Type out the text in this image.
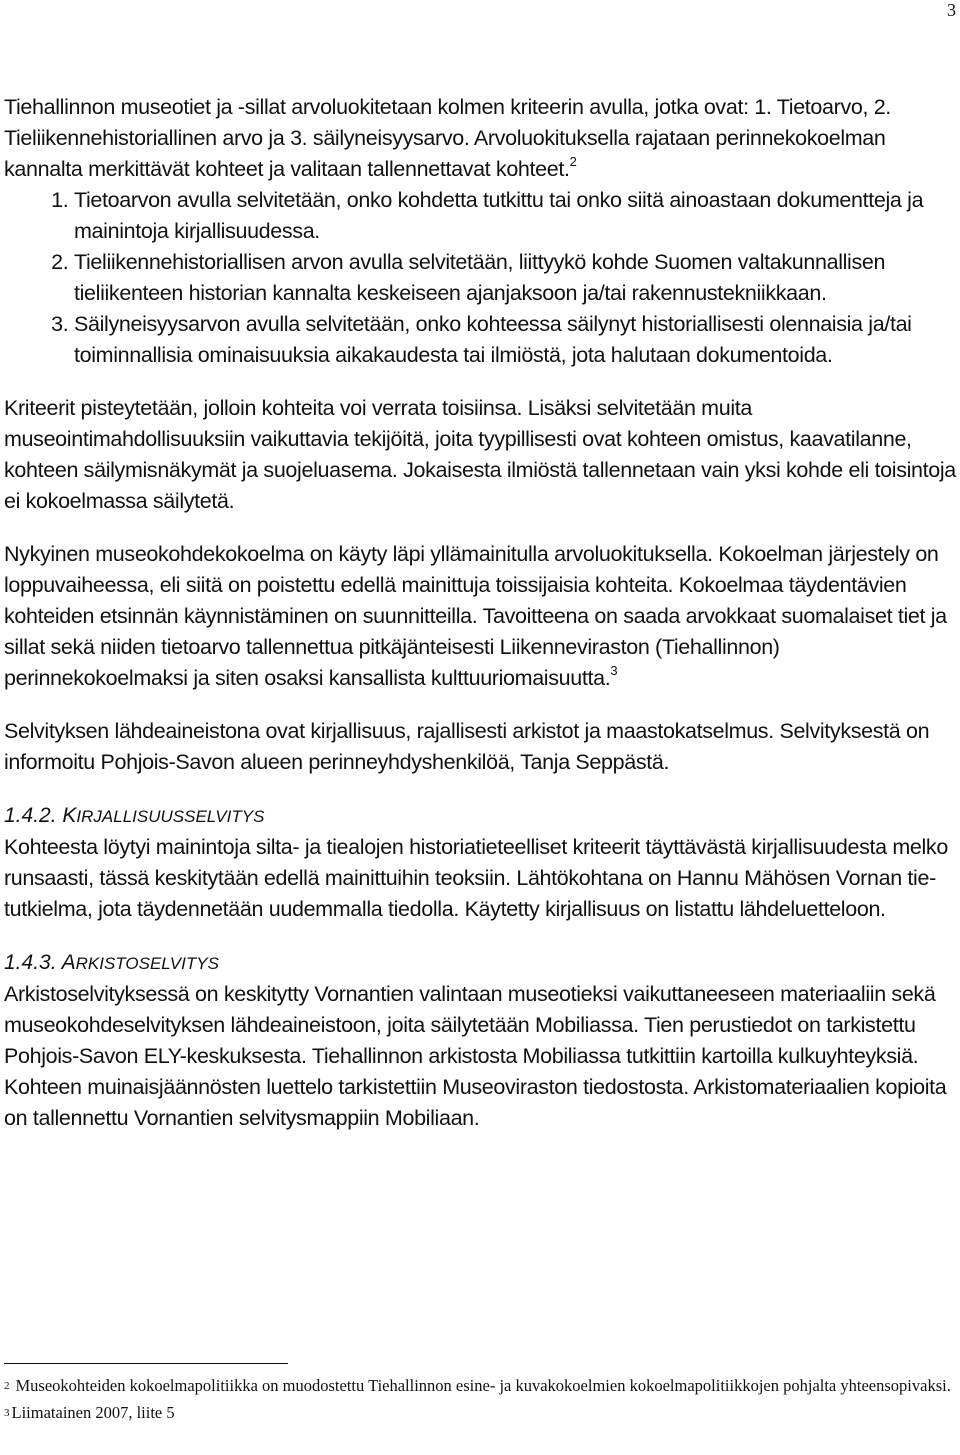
3

Tiehallinnon museotiet ja -sillat arvoluokitetaan kolmen kriteerin avulla, jotka ovat: 1. Tietoarvo, 2. Tieliikennehistoriallinen arvo ja 3. säilyneisyysarvo. Arvoluokituksella rajataan perinnekokoelman kannalta merkittävät kohteet ja valitaan tallennettavat kohteet.$^2$

1. Tietoarvon avulla selvitetään, onko kohdetta tutkittu tai onko siitä ainoastaan dokumentteja ja mainintoja kirjallisuudessa.
2. Tieliikennehistoriallisen arvon avulla selvitetään, liittyykö kohde Suomen valtakunnallisen tieliikenteen historian kannalta keskeiseen ajanjaksoon ja/tai rakennustekniikkaan.
3. Säilyneisyysarvon avulla selvitetään, onko kohteessa säilynyt historiallisesti olennaisia ja/tai toiminnallisia ominaisuuksia aikakaudesta tai ilmiöstä, jota halutaan dokumentoida.

Kriteerit pisteytetään, jolloin kohteita voi verrata toisiinsa. Lisäksi selvitetään muita museointimahdollisuuksiin vaikuttavia tekijöitä, joita tyypillisesti ovat kohteen omistus, kaavatilanne, kohteen säilymisnäkymät ja suojeluasema. Jokaisesta ilmiöstä tallennetaan vain yksi kohde eli toisintoja ei kokoelmassa säilytetä.

Nykyinen museokohdekokoelma on käyty läpi yllämainitulla arvoluokituksella. Kokoelman järjestely on loppuvaiheessa, eli siitä on poistettu edellä mainittuja toissijaisia kohteita. Kokoelmaa täydentävien kohteiden etsinnän käynnistäminen on suunnitteilla. Tavoitteena on saada arvokkaat suomalaiset tiet ja sillat sekä niiden tietoarvo tallennettua pitkäjänteisesti Liikenneviraston (Tiehallinnon) perinnekokoelmaksi ja siten osaksi kansallista kulttuuriomaisuutta.$^3$

Selvityksen lähdeaineistona ovat kirjallisuus, rajallisesti arkistot ja maastokatselmus. Selvityksestä on informoitu Pohjois-Savon alueen perinneyhdyshenkilöä, Tanja Seppästä.

1.4.2. KIRJALLISUUSSELVITYS

Kohteesta löytyi mainintoja silta- ja tiealojen historiatieteelliset kriteerit täyttävästä kirjallisuudesta melko runsaasti, tässä keskitytään edellä mainittuihin teoksiin. Lähtökohtana on Hannu Mähösen Vornan tie-tutkielma, jota täydennetään uudemmalla tiedolla. Käytetty kirjallisuus on listattu lähdeluetteloon.

1.4.3. ARKISTOSELVITYS

Arkistoselvityksessä on keskitytty Vornantien valintaan museotieksi vaikuttaneeseen materiaaliin sekä museokohdeselvityksen lähdeaineistoon, joita säilytetään Mobiliassa. Tien perustiedot on tarkistettu Pohjois-Savon ELY-keskuksesta. Tiehallinnon arkistosta Mobiliassa tutkittiin kartoilla kulkuyhteyksiä. Kohteen muinaisjäännösten luettelo tarkistettiin Museoviraston tiedostosta. Arkistomateriaalien kopioita on tallennettu Vornantien selvitysmappiin Mobiliaan.

$^2$ Museokohteiden kokoelmapolitiikka on muodostettu Tiehallinnon esine- ja kuvakokoelmien kokoelmapolitiikkojen pohjalta yhteensopivaksi.
$^3$ Liimatainen 2007, liite 5
